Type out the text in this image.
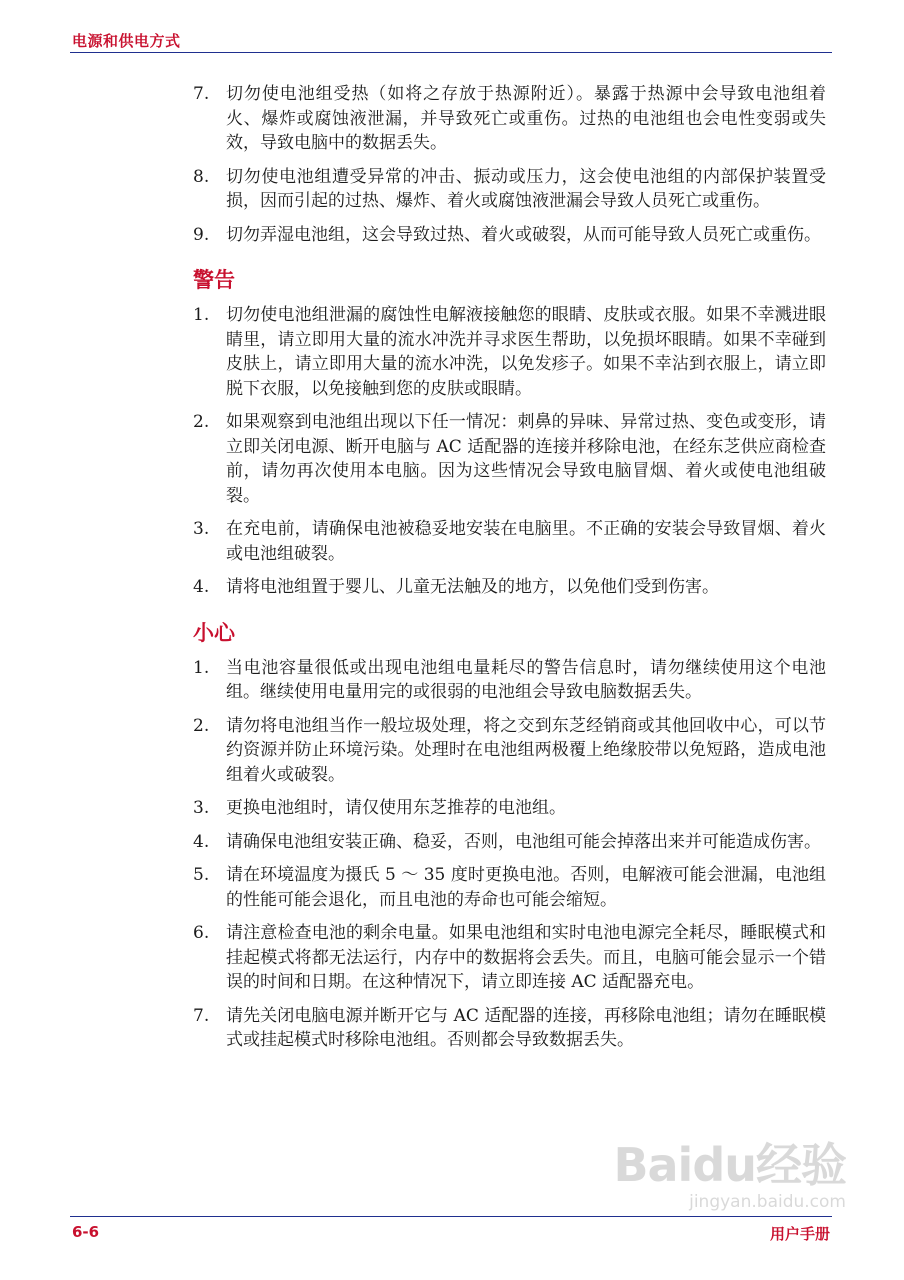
电源和供电方式
7. 切勿使电池组受热（如将之存放于热源附近）。暴露于热源中会导致电池组着火、爆炸或腐蚀液泄漏，并导致死亡或重伤。过热的电池组也会电性变弱或失效，导致电脑中的数据丢失。
8. 切勿使电池组遭受异常的冲击、振动或压力，这会使电池组的内部保护装置受损，因而引起的过热、爆炸、着火或腐蚀液泄漏会导致人员死亡或重伤。
9. 切勿弄湿电池组，这会导致过热、着火或破裂，从而可能导致人员死亡或重伤。
警告
1. 切勿使电池组泄漏的腐蚀性电解液接触您的眼睛、皮肤或衣服。如果不幸溅进眼睛里，请立即用大量的流水冲洗并寻求医生帮助，以免损坏眼睛。如果不幸碰到皮肤上，请立即用大量的流水冲洗，以免发疹子。如果不幸沾到衣服上，请立即脱下衣服，以免接触到您的皮肤或眼睛。
2. 如果观察到电池组出现以下任一情况：刺鼻的异味、异常过热、变色或变形，请立即关闭电源、断开电脑与 AC 适配器的连接并移除电池，在经东芝供应商检查前，请勿再次使用本电脑。因为这些情况会导致电脑冒烟、着火或使电池组破裂。
3. 在充电前，请确保电池被稳妥地安装在电脑里。不正确的安装会导致冒烟、着火或电池组破裂。
4. 请将电池组置于婴儿、儿童无法触及的地方，以免他们受到伤害。
小心
1. 当电池容量很低或出现电池组电量耗尽的警告信息时，请勿继续使用这个电池组。继续使用电量用完的或很弱的电池组会导致电脑数据丢失。
2. 请勿将电池组当作一般垃圾处理，将之交到东芝经销商或其他回收中心，可以节约资源并防止环境污染。处理时在电池组两极覆上绝缘胶带以免短路，造成电池组着火或破裂。
3. 更换电池组时，请仅使用东芝推荐的电池组。
4. 请确保电池组安装正确、稳妥，否则，电池组可能会掉落出来并可能造成伤害。
5. 请在环境温度为摄氏 5 ～ 35 度时更换电池。否则，电解液可能会泄漏，电池组的性能可能会退化，而且电池的寿命也可能会缩短。
6. 请注意检查电池的剩余电量。如果电池组和实时电池电源完全耗尽，睡眠模式和挂起模式将都无法运行，内存中的数据将会丢失。而且，电脑可能会显示一个错误的时间和日期。在这种情况下，请立即连接 AC 适配器充电。
7. 请先关闭电脑电源并断开它与 AC 适配器的连接，再移除电池组；请勿在睡眠模式或挂起模式时移除电池组。否则都会导致数据丢失。
Baidu经验
jingyan.baidu.com
6-6	用户手册
